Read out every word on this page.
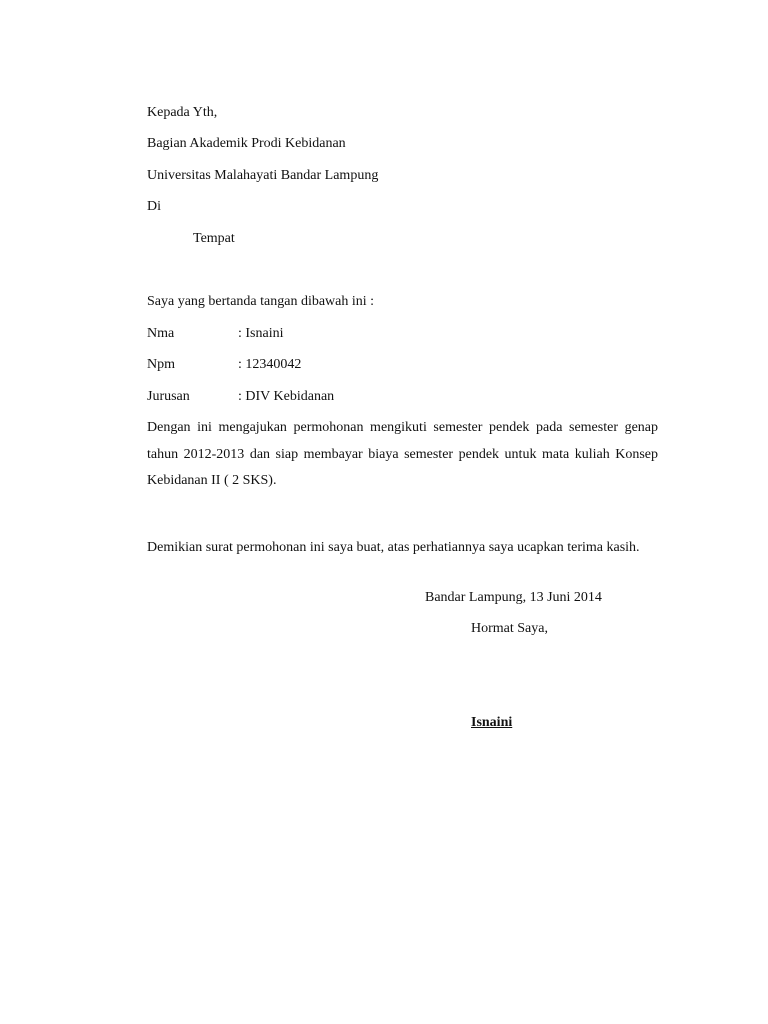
Kepada Yth,
Bagian Akademik Prodi Kebidanan
Universitas Malahayati Bandar Lampung
Di
Tempat
Saya yang bertanda tangan dibawah ini :
Nma	: Isnaini
Npm	: 12340042
Jurusan	: DIV Kebidanan
Dengan ini mengajukan permohonan mengikuti semester pendek pada semester genap tahun 2012-2013 dan siap membayar biaya semester pendek untuk mata kuliah Konsep Kebidanan II ( 2 SKS).
Demikian surat permohonan ini saya buat, atas perhatiannya saya ucapkan terima kasih.
Bandar Lampung, 13 Juni 2014
Hormat Saya,
Isnaini
